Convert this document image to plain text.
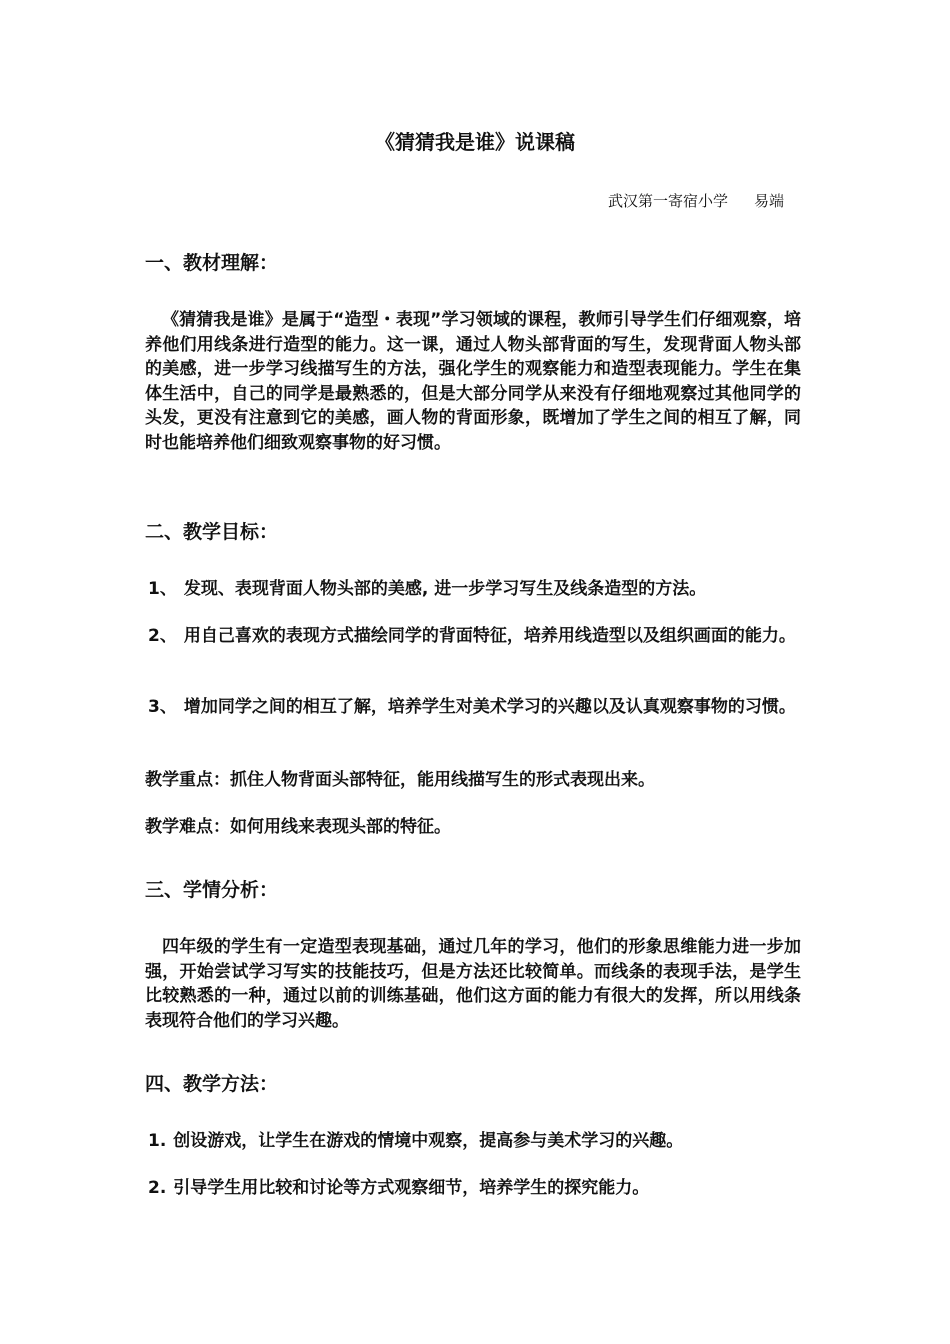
《猜猜我是谁》说课稿
武汉第一寄宿小学 易端
一、教材理解：
《猜猜我是谁》是属于“造型・表现”学习领域的课程，教师引导学生们仔细观察，培养他们用线条进行造型的能力。这一课，通过人物头部背面的写生，发现背面人物头部的美感，进一步学习线描写生的方法，强化学生的观察能力和造型表现能力。学生在集体生活中，自己的同学是最熟悉的，但是大部分同学从来没有仔细地观察过其他同学的头发，更没有注意到它的美感，画人物的背面形象，既增加了学生之间的相互了解，同时也能培养他们细致观察事物的好习惯。
二、教学目标：
1、 发现、表现背面人物头部的美感, 进一步学习写生及线条造型的方法。
2、 用自己喜欢的表现方式描绘同学的背面特征，培养用线造型以及组织画面的能力。
3、 增加同学之间的相互了解，培养学生对美术学习的兴趣以及认真观察事物的习惯。
教学重点：抓住人物背面头部特征，能用线描写生的形式表现出来。
教学难点：如何用线来表现头部的特征。
三、学情分析：
四年级的学生有一定造型表现基础，通过几年的学习，他们的形象思维能力进一步加强，开始尝试学习写实的技能技巧，但是方法还比较简单。而线条的表现手法，是学生比较熟悉的一种，通过以前的训练基础，他们这方面的能力有很大的发挥，所以用线条表现符合他们的学习兴趣。
四、教学方法：
1. 创设游戏，让学生在游戏的情境中观察，提高参与美术学习的兴趣。
2. 引导学生用比较和讨论等方式观察细节，培养学生的探究能力。
